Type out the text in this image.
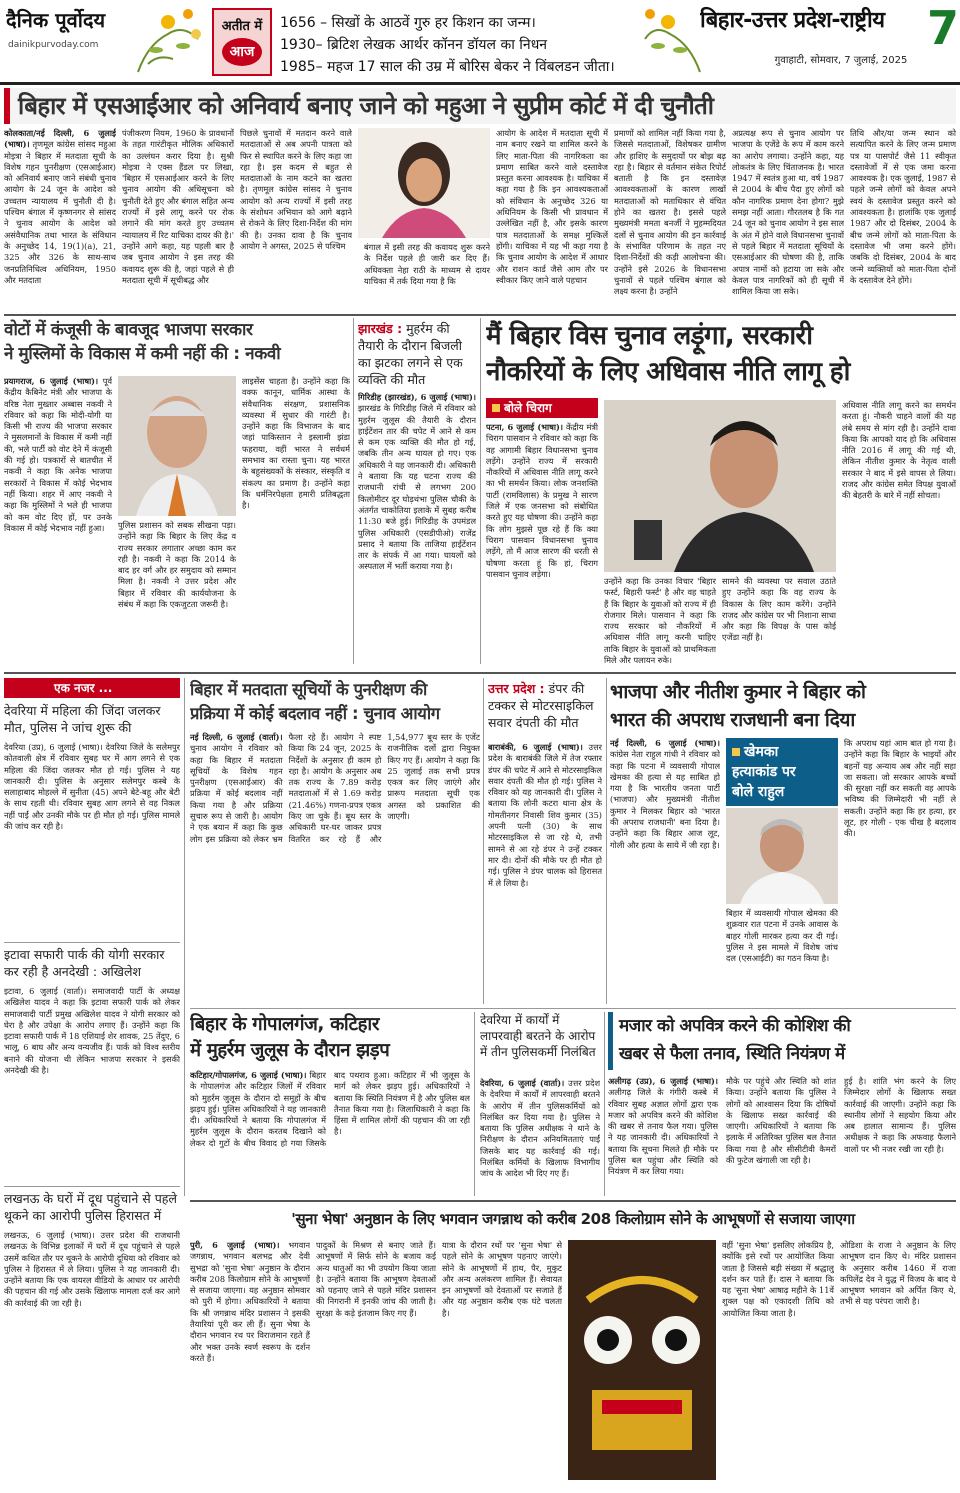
दैनिक पूर्वोदय
dainikpurvoday.com
अतीत में
आज
1656 – सिखों के आठवें गुरु हर किशन का जन्म।
1930– ब्रिटिश लेखक आर्थर कॉनन डॉयल का निधन
1985– महज 17 साल की उम्र में बोरिस बेकर ने विंबलडन जीता।
बिहार-उत्तर प्रदेश-राष्ट्रीय 7
गुवाहाटी, सोमवार, 7 जुलाई, 2025
बिहार में एसआईआर को अनिवार्य बनाए जाने को महुआ ने सुप्रीम कोर्ट में दी चुनौती
कोलकाता/नई दिल्ली, 6 जुलाई (भाषा)। तृणमूल कांग्रेस सांसद महुआ मोइत्रा ने बिहार में मतदाता सूची के विशेष गहन पुनरीक्षण (एसआईआर) को अनिवार्य बनाए जाने संबंधी चुनाव आयोग के 24 जून के आदेश को उच्चतम न्यायालय में चुनौती दी है। पश्चिम बंगाल में कृष्णनगर से सांसद ने चुनाव आयोग के आदेश को असंवैधानिक तथा भारत के संविधान के अनुच्छेद 14, 19(1)(a), 21, 325 और 326 के साथ-साथ जनप्रतिनिधित्व अधिनियम, 1950 और मतदाता
पंजीकरण नियम, 1960 के प्रावधानों के तहत गारंटीकृत मौलिक अधिकारों का उल्लंघन करार दिया है। सुश्री मोइत्रा ने एक्स हैंडल पर लिखा, 'बिहार में एसआईआर करने के लिए चुनाव आयोग की अधिसूचना को चुनौती देते हुए और बंगाल सहित अन्य राज्यों में इसे लागू करने पर रोक लगाने की मांग करते हुए उच्चतम न्यायालय में रिट याचिका दायर की है।' उन्होंने आगे कहा, यह पहली बार है जब चुनाव आयोग ने इस तरह की कवायद शुरू की है, जहां पहले से ही मतदाता सूची में सूचीबद्ध और
पिछले चुनावों में मतदान करने वाले मतदाताओं से अब अपनी पात्रता को फिर से स्थापित करने के लिए कहा जा रहा है। इस कदम से बहुत से मतदाताओं के नाम कटने का खतरा है। तृणमूल कांग्रेस सांसद ने चुनाव आयोग को अन्य राज्यों में इसी तरह के संशोधन अभियान को आगे बढ़ाने से रोकने के लिए दिशा-निर्देश की मांग की है। उनका दावा है कि चुनाव आयोग ने अगस्त, 2025 से पश्चिम	बंगाल में इसी तरह की कवायद शुरू करने के निर्देश पहले ही जारी कर दिए हैं। अधिवक्ता नेहा राठी के माध्यम से दायर याचिका में तर्क दिया गया है कि
आयोग के आदेश में मतदाता सूची में नाम बनाए रखने या शामिल करने के लिए माता-पिता की नागरिकता का प्रमाण साबित करने वाले दस्तावेज प्रस्तुत करना आवश्यक है। याचिका में कहा गया है कि इन आवश्यकताओं को संविधान के अनुच्छेद 326 या अधिनियम के किसी भी प्रावधान में उल्लेखित नहीं है, और इसके कारण पात्र मतदाताओं के समक्ष मुश्किलें होंगी। याचिका में यह भी कहा गया है कि चुनाव आयोग के आदेश में आधार और राशन कार्ड जैसे आम तौर पर स्वीकार किए जाने वाले पहचान
प्रमाणों को शामिल नहीं किया गया है, जिससे मतदाताओं, विशेषकर ग्रामीण और हाशिए के समुदायों पर बोझ बढ़ रहा है। बिहार से वर्तमान संकेत रिपोर्ट बताती है कि इन दस्तावेज़ आवश्यकताओं के कारण लाखों मतदाताओं को मताधिकार से वंचित होने का खतरा है। इससे पहले मुख्यमंत्री ममता बनर्जी ने मुहम्मदियत दलों से चुनाव आयोग की इन कार्रवाई के संभावित परिणाम के तहत नए दिशा-निर्देशों की कड़ी आलोचना की। उन्होंने इसे 2026 के विधानसभा चुनावों से पहले पश्चिम बंगाल को लक्ष्य करना है। उन्होंने
अप्रत्यक्ष रूप से चुनाव आयोग पर भाजपा के एजेंडे के रूप में काम करने का आरोप लगाया। उन्होंने कहा, यह लोकतंत्र के लिए चिंताजनक है। भारत 1947 में स्वतंत्र हुआ था, वर्ष 1987 से 2004 के बीच पैदा हुए लोगों को कौन नागरिक प्रमाण देना होगा? मुझे समझ नहीं आता। गौरतलब है कि गत 24 जून को चुनाव आयोग ने इस साल के अंत में होने वाले विधानसभा चुनावों से पहले बिहार में मतदाता सूचियों के एसआईआर की घोषणा की है, ताकि अपात्र नामों को हटाया जा सके और केवल पात्र नागरिकों को ही सूची में शामिल किया जा सके।
तिथि और/या जन्म स्थान को सत्यापित करने के लिए जन्म प्रमाण पत्र या पासपोर्ट जैसे 11 स्वीकृत दस्तावेजों में से एक जमा करना आवश्यक है। एक जुलाई, 1987 से पहले जन्मे लोगों को केवल अपने स्वयं के दस्तावेज प्रस्तुत करने को आवश्यकता है। हालांकि एक जुलाई 1987 और दो दिसंबर, 2004 के बीच जन्मे लोगों को माता-पिता के दस्तावेज भी जमा करने होंगे। जबकि दो दिसंबर, 2004 के बाद जन्मे व्यक्तियों को माता-पिता दोनों के दस्तावेज देने होंगे।
वोटों में कंजूसी के बावजूद भाजपा सरकार
ने मुस्लिमों के विकास में कमी नहीं की : नकवी
प्रयागराज, 6 जुलाई (भाषा)। पूर्व केंद्रीय कैबिनेट मंत्री और भाजपा के वरिष्ठ नेता मुख्तार अब्बास नकवी ने रविवार को कहा कि मोदी-योगी या किसी भी राज्य की भाजपा सरकार ने मुसलमानों के विकास में कमी नहीं की, भले पार्टी को वोट देने में कंजूसी की गई हो। पत्रकारों से बातचीत में नकवी ने कहा कि अनेक भाजपा सरकारों ने विकास में कोई भेदभाव नहीं किया। शहर में आए नकवी ने कहा कि मुस्लिमों ने भले ही भाजपा को कम वोट दिए हों, पर उनके विकास में कोई भेदभाव नहीं हुआ।	पुलिस प्रशासन को सबक सीखना पड़ा। उन्होंने कहा कि बिहार के लिए केंद्र व राज्य सरकार लगातार अच्छा काम कर रही है। नकवी ने कहा कि 2014 के बाद हर वर्ग और हर समुदाय को सम्मान मिला है। नकवी ने उत्तर प्रदेश और बिहार में रविवार की कार्ययोजना के संबंध में कहा कि एकजुटता जरूरी है।
लाइसेंस चाहता है। उन्होंने कहा कि वक्फ कानून, धार्मिक आस्था के संवैधानिक संरक्षण, प्रशासनिक व्यवस्था में सुधार की गारंटी है। उन्होंने कहा कि विभाजन के बाद जहां पाकिस्तान ने इस्लामी झंडा फहराया, वहीं भारत ने सर्वधर्म समभाव का रास्ता चुना। यह भारत के बहुसंख्यकों के संस्कार, संस्कृति व संकल्प का प्रमाण है। उन्होंने कहा कि धर्मनिरपेक्षता हमारी प्रतिबद्धता है।
झारखंड : मुहर्रम की तैयारी के दौरान बिजली का झटका लगने से एक व्यक्ति की मौत
गिरिडीह (झारखंड), 6 जुलाई (भाषा)। झारखंड के गिरिडीह जिले में रविवार को मुहर्रम जुलूस की तैयारी के दौरान हाईटेंशन तार की चपेट में आने से कम से कम एक व्यक्ति की मौत हो गई, जबकि तीन अन्य घायल हो गए। एक अधिकारी ने यह जानकारी दी। अधिकारी ने बताया कि यह घटना राज्य की राजधानी रांची से लगभग 200 किलोमीटर दूर घोड़थंभा पुलिस चौकी के अंतर्गत चाकोतिया इलाके में सुबह करीब 11:30 बजे हुई। गिरिडीह के उपमंडल पुलिस अधिकारी (एसडीपीओ) राजेंद्र प्रसाद ने बताया कि ताजिया हाईटेंशन तार के संपर्क में आ गया। घायलों को अस्पताल में भर्ती कराया गया है।
मैं बिहार विस चुनाव लड़ूंगा, सरकारी
नौकरियों के लिए अधिवास नीति लागू हो
बोले चिराग
पटना, 6 जुलाई (भाषा)। केंद्रीय मंत्री चिराग पासवान ने रविवार को कहा कि वह आगामी बिहार विधानसभा चुनाव लड़ेंगे। उन्होंने राज्य में सरकारी नौकरियों में अधिवास नीति लागू करने का भी समर्थन किया। लोक जनशक्ति पार्टी (रामविलास) के प्रमुख ने सारण जिले में एक जनसभा को संबोधित करते हुए यह घोषणा की। उन्होंने कहा कि लोग मुझसे पूछ रहे हैं कि क्या चिराग पासवान विधानसभा चुनाव लड़ेंगे, तो मैं आज सारण की धरती से घोषणा करता हूं कि हां, चिराग पासवान चुनाव लड़ेगा।
उन्होंने कहा कि उनका विचार 'बिहार फर्स्ट, बिहारी फर्स्ट' है और वह चाहते हैं कि बिहार के युवाओं को राज्य में ही रोजगार मिले। पासवान ने कहा कि राज्य सरकार को नौकरियों में अधिवास नीति लागू करनी चाहिए ताकि बिहार के युवाओं को प्राथमिकता मिले और पलायन रुके।
सामने की व्यवस्था पर सवाल उठाते हुए उन्होंने कहा कि वह राज्य के विकास के लिए काम करेंगे। उन्होंने राजद और कांग्रेस पर भी निशाना साधा और कहा कि विपक्ष के पास कोई एजेंडा नहीं है।
अधिवास नीति लागू करने का समर्थन करता हूं। नौकरी चाहने वालों की यह लंबे समय से मांग रही है। उन्होंने दावा किया कि आपको याद हो कि अधिवास नीति 2016 में लागू की गई थी, लेकिन नीतीश कुमार के नेतृत्व वाली सरकार ने बाद में इसे वापस ले लिया। राजद और कांग्रेस समेत विपक्ष युवाओं की बेहतरी के बारे में नहीं सोचता।
एक नजर ...
देवरिया में महिला की जिंदा जलकर मौत, पुलिस ने जांच शुरू की
देवरिया (उप्र), 6 जुलाई (भाषा)। देवरिया जिले के सलेमपुर कोतवाली क्षेत्र में रविवार सुबह घर में आग लगने से एक महिला की जिंदा जलकर मौत हो गई। पुलिस ने यह जानकारी दी। पुलिस के अनुसार सलेमपुर कस्बे के सलाहाबाद मोहल्ले में सुनीता (45) अपने बेटे-बहू और बेटी के साथ रहती थी। रविवार सुबह आग लगने से वह निकल नहीं पाईं और उनकी मौके पर ही मौत हो गई। पुलिस मामले की जांच कर रही है।
इटावा सफारी पार्क की योगी सरकार कर रही है अनदेखी : अखिलेश
इटावा, 6 जुलाई (वार्ता)। समाजवादी पार्टी के अध्यक्ष अखिलेश यादव ने कहा कि इटावा सफारी पार्क को लेकर समाजवादी पार्टी प्रमुख अखिलेश यादव ने योगी सरकार को घेरा है और उपेक्षा के आरोप लगाए हैं। उन्होंने कहा कि इटावा सफारी पार्क में 18 एशियाई शेर शावक, 25 तेंदुए, 6 भालू, 6 बाघ और अन्य वन्यजीव हैं। पार्क को विश्व स्तरीय बनाने की योजना थी लेकिन भाजपा सरकार ने इसकी अनदेखी की है।
लखनऊ के घरों में दूध पहुंचाने से पहले थूकने का आरोपी पुलिस हिरासत में
लखनऊ, 6 जुलाई (भाषा)। उत्तर प्रदेश की राजधानी लखनऊ के विभिन्न इलाकों में घरों में दूध पहुंचाने से पहले उसमें कथित तौर पर थूकने के आरोपी दूधिया को रविवार को पुलिस ने हिरासत में ले लिया। पुलिस ने यह जानकारी दी। उन्होंने बताया कि एक वायरल वीडियो के आधार पर आरोपी की पहचान की गई और उसके खिलाफ मामला दर्ज कर आगे की कार्रवाई की जा रही है।
बिहार में मतदाता सूचियों के पुनरीक्षण की
प्रक्रिया में कोई बदलाव नहीं : चुनाव आयोग
नई दिल्ली, 6 जुलाई (वार्ता)। चुनाव आयोग ने रविवार को कहा कि बिहार में मतदाता सूचियों के विशेष गहन पुनरीक्षण (एसआईआर) की प्रक्रिया में कोई बदलाव नहीं किया गया है और प्रक्रिया सुचारु रूप से जारी है। आयोग ने एक बयान में कहा कि कुछ लोग इस प्रक्रिया को लेकर भ्रम फैला रहे हैं। आयोग ने स्पष्ट किया कि 24 जून, 2025 के निर्देशों के अनुसार ही काम हो रहा है। आयोग के अनुसार अब तक राज्य के 7.89 करोड़ मतदाताओं में से 1.69 करोड़ (21.46%) गणना-प्रपत्र एकत्र किए जा चुके हैं। बूथ स्तर के अधिकारी घर-घर जाकर प्रपत्र वितरित कर रहे हैं और 1,54,977 बूथ स्तर के एजेंट राजनीतिक दलों द्वारा नियुक्त किए गए हैं। आयोग ने कहा कि 25 जुलाई तक सभी प्रपत्र एकत्र कर लिए जाएंगे और प्रारूप मतदाता सूची एक अगस्त को प्रकाशित की जाएगी।
उत्तर प्रदेश : डंपर की टक्कर से मोटरसाइकिल सवार दंपती की मौत
बाराबंकी, 6 जुलाई (भाषा)। उत्तर प्रदेश के बाराबंकी जिले में तेज रफ्तार डंपर की चपेट में आने से मोटरसाइकिल सवार दंपती की मौत हो गई। पुलिस ने रविवार को यह जानकारी दी। पुलिस ने बताया कि लोनी कटरा थाना क्षेत्र के गोमतीनगर निवासी शिव कुमार (35) अपनी पत्नी (30) के साथ मोटरसाइकिल से जा रहे थे, तभी सामने से आ रहे डंपर ने उन्हें टक्कर मार दी। दोनों की मौके पर ही मौत हो गई। पुलिस ने डंपर चालक को हिरासत में ले लिया है।
भाजपा और नीतीश कुमार ने बिहार को
भारत की अपराध राजधानी बना दिया
नई दिल्ली, 6 जुलाई (भाषा)। कांग्रेस नेता राहुल गांधी ने रविवार को कहा कि पटना में व्यवसायी गोपाल खेमका की हत्या से यह साबित हो गया है कि भारतीय जनता पार्टी (भाजपा) और मुख्यमंत्री नीतीश कुमार ने मिलकर बिहार को 'भारत की अपराध राजधानी' बना दिया है। उन्होंने कहा कि बिहार आज लूट, गोली और हत्या के साये में जी रहा है।
खेमका
हत्याकांड पर
बोले राहुल
बिहार में व्यवसायी गोपाल खेमका की शुक्रवार रात पटना में उनके आवास के बाहर गोली मारकर हत्या कर दी गई। पुलिस ने इस मामले में विशेष जांच दल (एसआईटी) का गठन किया है।
कि अपराध यहां आम बात हो गया है। उन्होंने कहा कि बिहार के भाइयों और बहनों यह अन्याय अब और नहीं सहा जा सकता। जो सरकार आपके बच्चों की सुरक्षा नहीं कर सकती वह आपके भविष्य की जिम्मेदारी भी नहीं ले सकती। उन्होंने कहा कि हर हत्या, हर लूट, हर गोली - एक चीख है बदलाव की।
बिहार के गोपालगंज, कटिहार
में मुहर्रम जुलूस के दौरान झड़प
कटिहार/गोपालगंज, 6 जुलाई (भाषा)। बिहार के गोपालगंज और कटिहार जिलों में रविवार को मुहर्रम जुलूस के दौरान दो समूहों के बीच झड़प हुई। पुलिस अधिकारियों ने यह जानकारी दी। अधिकारियों ने बताया कि गोपालगंज में मुहर्रम जुलूस के दौरान करतब दिखाने को लेकर दो गुटों के बीच विवाद हो गया जिसके बाद पथराव हुआ। कटिहार में भी जुलूस के मार्ग को लेकर झड़प हुई। अधिकारियों ने बताया कि स्थिति नियंत्रण में है और पुलिस बल तैनात किया गया है। जिलाधिकारी ने कहा कि हिंसा में शामिल लोगों की पहचान की जा रही है।
देवरिया में कार्यों में लापरवाही बरतने के आरोप में तीन पुलिसकर्मी निलंबित
देवरिया, 6 जुलाई (वार्ता)। उत्तर प्रदेश के देवरिया में कार्यों में लापरवाही बरतने के आरोप में तीन पुलिसकर्मियों को निलंबित कर दिया गया है। पुलिस ने बताया कि पुलिस अधीक्षक ने थाने के निरीक्षण के दौरान अनियमितताएं पाईं जिसके बाद यह कार्रवाई की गई। निलंबित कर्मियों के खिलाफ विभागीय जांच के आदेश भी दिए गए हैं।
मजार को अपवित्र करने की कोशिश की
खबर से फैला तनाव, स्थिति नियंत्रण में
अलीगढ़ (उप्र), 6 जुलाई (भाषा)। अलीगढ़ जिले के गंगीरी कस्बे में रविवार सुबह अज्ञात लोगों द्वारा एक मजार को अपवित्र करने की कोशिश की खबर से तनाव फैल गया। पुलिस ने यह जानकारी दी। अधिकारियों ने बताया कि सूचना मिलते ही मौके पर पुलिस बल पहुंचा और स्थिति को नियंत्रण में कर लिया गया।
मौके पर पहुंचे और स्थिति को शांत किया। उन्होंने बताया कि पुलिस ने लोगों को आश्वासन दिया कि दोषियों के खिलाफ सख्त कार्रवाई की जाएगी। अधिकारियों ने बताया कि इलाके में अतिरिक्त पुलिस बल तैनात किया गया है और सीसीटीवी कैमरों की फुटेज खंगाली जा रही है।
हुई है। शांति भंग करने के लिए जिम्मेदार लोगों के खिलाफ सख्त कार्रवाई की जाएगी। उन्होंने कहा कि स्थानीय लोगों ने सहयोग किया और अब हालात सामान्य हैं। पुलिस अधीक्षक ने कहा कि अफवाह फैलाने वालों पर भी नजर रखी जा रही है।
'सुना भेषा' अनुष्ठान के लिए भगवान जगन्नाथ को करीब 208 किलोग्राम सोने के आभूषणों से सजाया जाएगा
पुरी, 6 जुलाई (भाषा)। भगवान जगन्नाथ, भगवान बलभद्र और देवी सुभद्रा को 'सुना भेषा' अनुष्ठान के दौरान करीब 208 किलोग्राम सोने के आभूषणों से सजाया जाएगा। यह अनुष्ठान सोमवार को पुरी में होगा। अधिकारियों ने बताया कि श्री जगन्नाथ मंदिर प्रशासन ने इसकी तैयारियां पूरी कर ली हैं। सुना भेषा के दौरान भगवान रथ पर विराजमान रहते हैं और भक्त उनके स्वर्ण स्वरूप के दर्शन करते हैं।
पादुकों के मिश्रण से बनाए जाते हैं। आभूषणों में सिर्फ सोने के बजाय कई अन्य धातुओं का भी उपयोग किया जाता है। उन्होंने बताया कि आभूषण देवताओं को पहनाए जाने से पहले मंदिर प्रशासन की निगरानी में इनकी जांच की जाती है। सुरक्षा के कड़े इंतजाम किए गए हैं।
यात्रा के दौरान रथों पर 'सुना भेषा' से पहले सोने के आभूषण पहनाए जाएंगे। सोने के आभूषणों में हाथ, पैर, मुकुट और अन्य अलंकरण शामिल हैं। सेवायत इन आभूषणों को देवताओं पर सजाते हैं और यह अनुष्ठान करीब एक घंटे चलता है।
वहीं 'सुना भेषा' इसलिए लोकप्रिय है, क्योंकि इसे रथों पर आयोजित किया जाता है जिससे बड़ी संख्या में श्रद्धालु दर्शन कर पाते हैं। दास ने बताया कि यह 'सुना भेषा' आषाढ़ महीने के 11वें शुक्ल पक्ष को एकादशी तिथि को आयोजित किया जाता है।
ओडिशा के राजा ने अनुष्ठान के लिए आभूषण दान किए थे। मंदिर प्रशासन के अनुसार करीब 1460 में राजा कपिलेंद्र देव ने युद्ध में विजय के बाद ये आभूषण भगवान को अर्पित किए थे, तभी से यह परंपरा जारी है।
